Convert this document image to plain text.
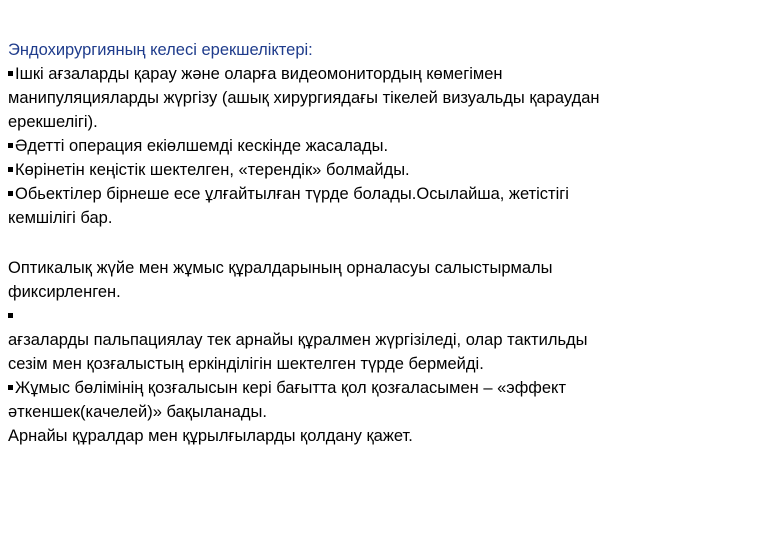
Эндохирургияның келесі ерекшеліктері:
Ішкі ағзаларды қарау және оларға видеомонитордың көмегімен
манипуляцияларды жүргізу (ашық хирургиядағы тікелей визуальды қараудан
ерекшелігі).
Әдетті операция екіөлшемді кескінде жасалады.
Көрінетін кеңістік шектелген, «терендік» болмайды.
Обьектілер бірнеше есе ұлғайтылған түрде болады.Осылайша, жетістігі
кемшілігі бар.
Оптикалық жүйе мен жұмыс құралдарының орналасуы салыстырмалы
фиксирленген.
ағзаларды пальпациялау тек арнайы құралмен жүргізіледі, олар тактильды
сезім мен қозғалыстың еркінділігін шектелген түрде бермейді.
Жұмыс бөлімінің қозғалысын кері бағытта қол қозғаласымен – «эффект
әткеншек(качелей)» бақыланады.
Арнайы құралдар мен құрылғыларды қолдану қажет.
